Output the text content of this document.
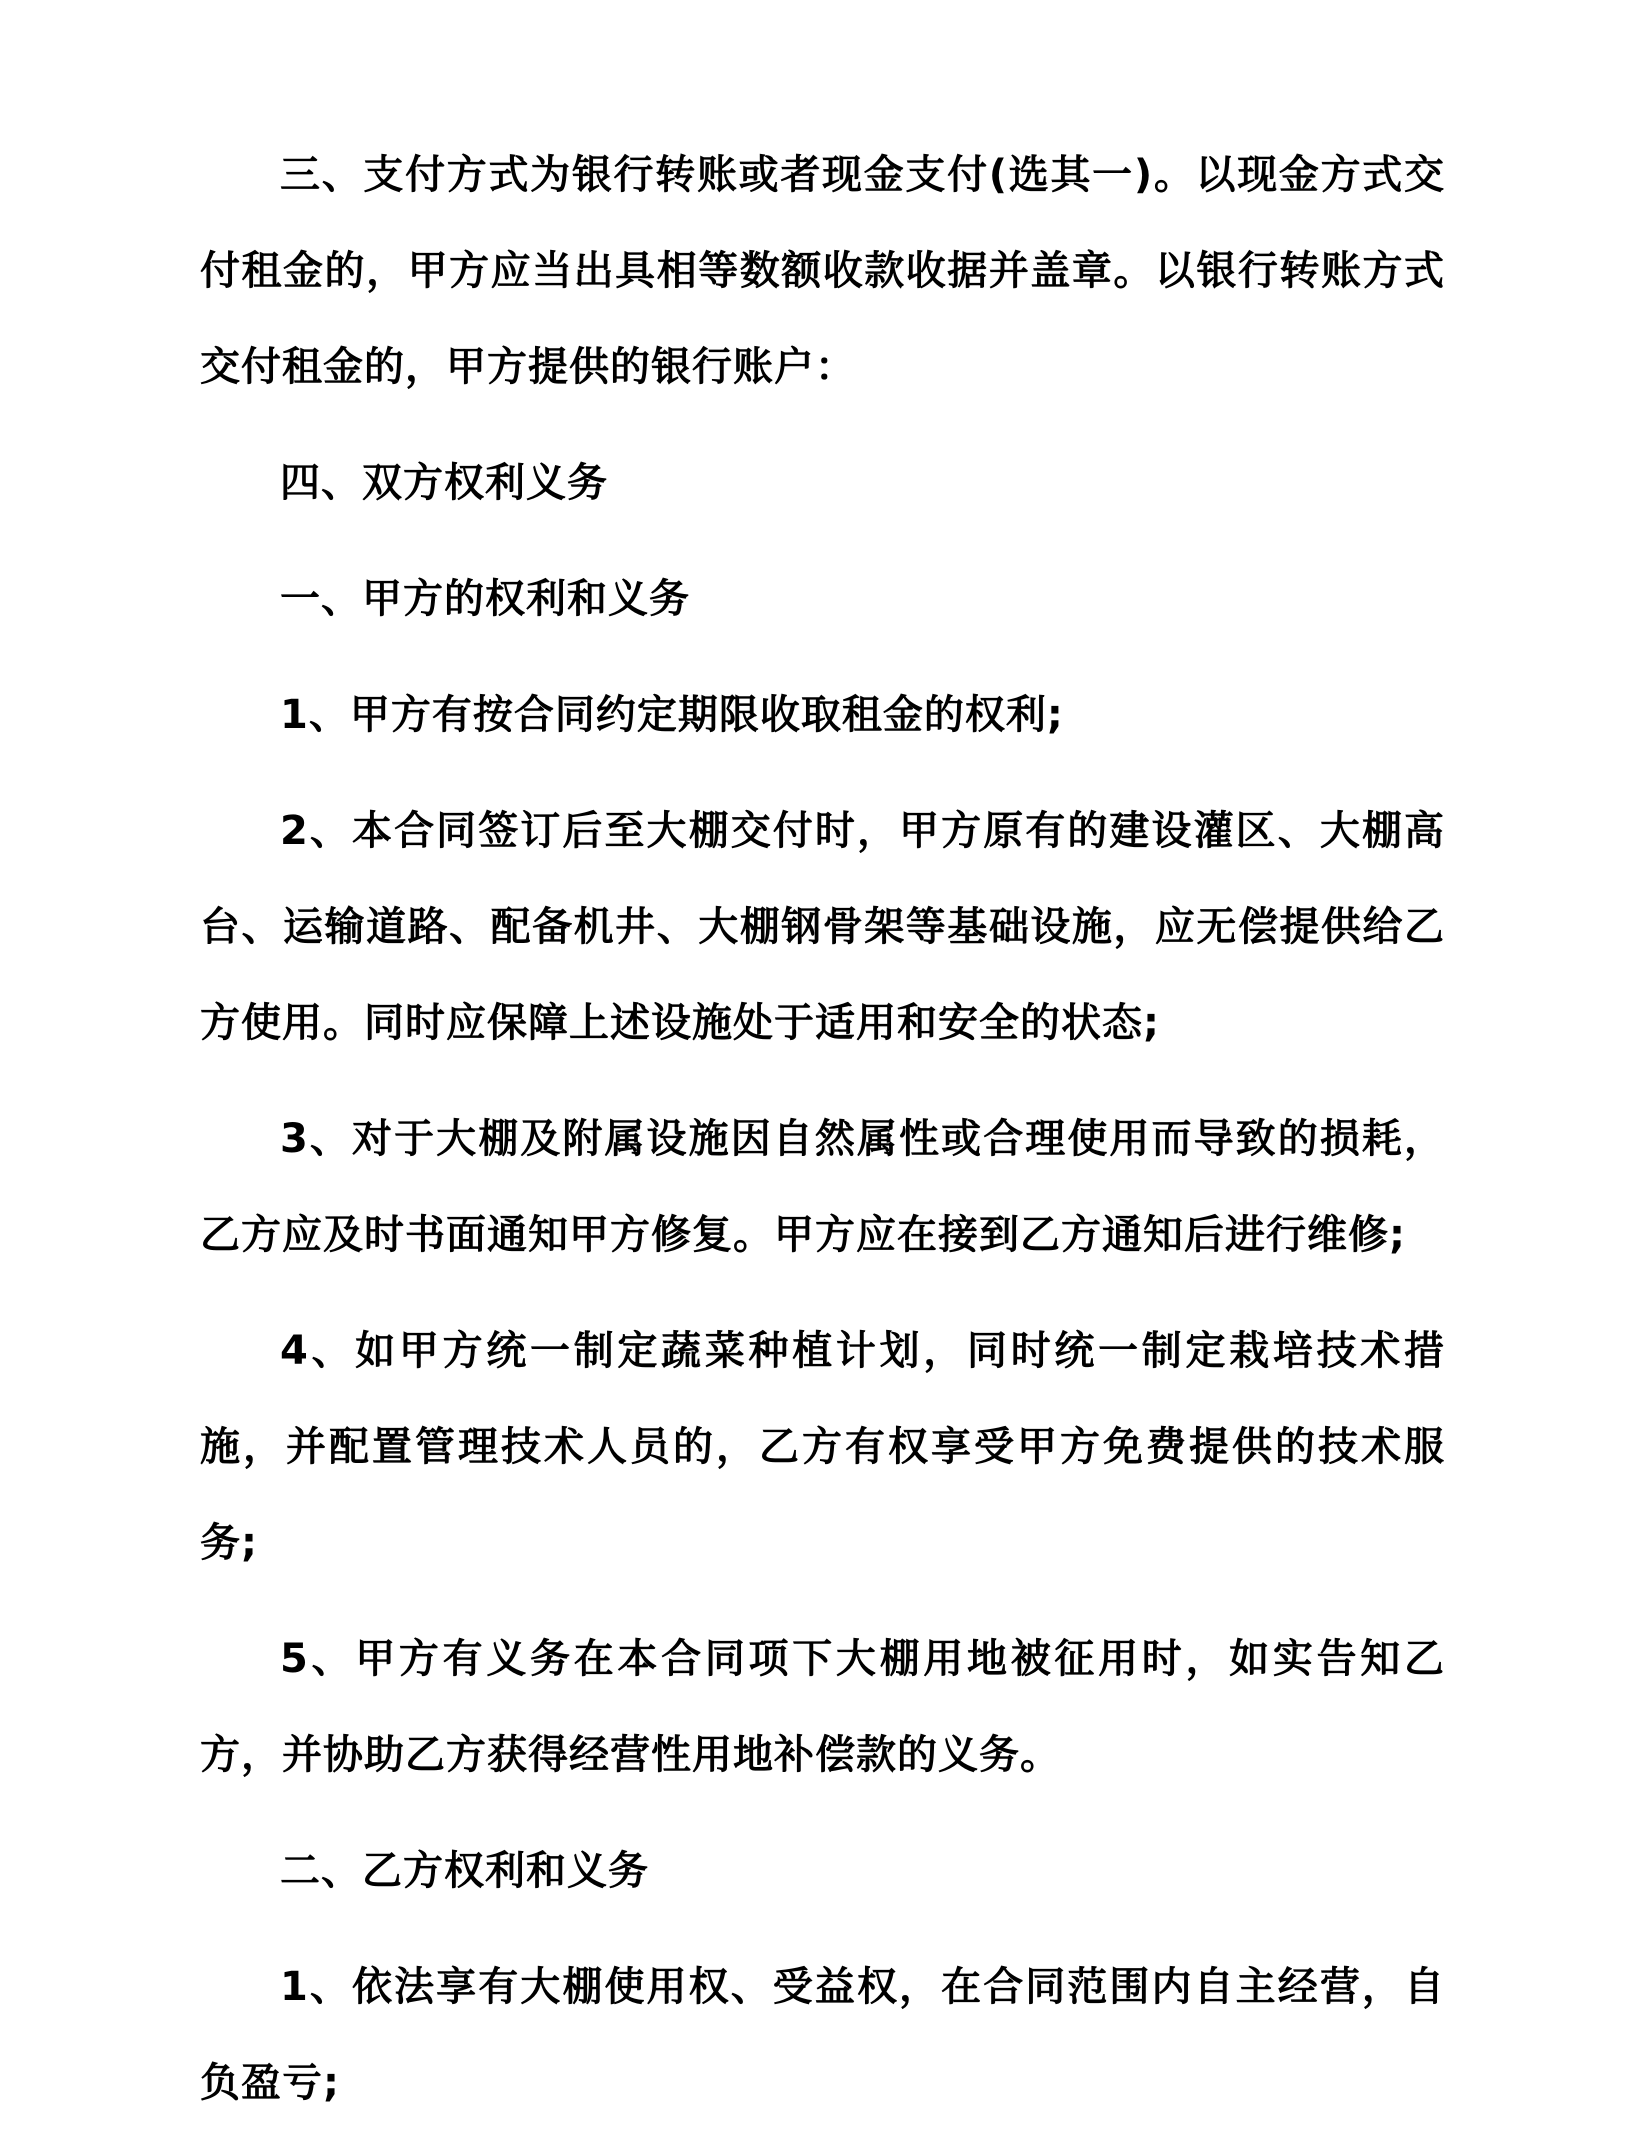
三、支付方式为银行转账或者现金支付(选其一)。以现金方式交付租金的，甲方应当出具相等数额收款收据并盖章。以银行转账方式交付租金的，甲方提供的银行账户：

四、双方权利义务

一、甲方的权利和义务

1、甲方有按合同约定期限收取租金的权利;

2、本合同签订后至大棚交付时，甲方原有的建设灌区、大棚高台、运输道路、配备机井、大棚钢骨架等基础设施，应无偿提供给乙方使用。同时应保障上述设施处于适用和安全的状态;

3、对于大棚及附属设施因自然属性或合理使用而导致的损耗，乙方应及时书面通知甲方修复。甲方应在接到乙方通知后进行维修;

4、如甲方统一制定蔬菜种植计划，同时统一制定栽培技术措施，并配置管理技术人员的，乙方有权享受甲方免费提供的技术服务;

5、甲方有义务在本合同项下大棚用地被征用时，如实告知乙方，并协助乙方获得经营性用地补偿款的义务。

二、乙方权利和义务

1、依法享有大棚使用权、受益权，在合同范围内自主经营，自负盈亏;
